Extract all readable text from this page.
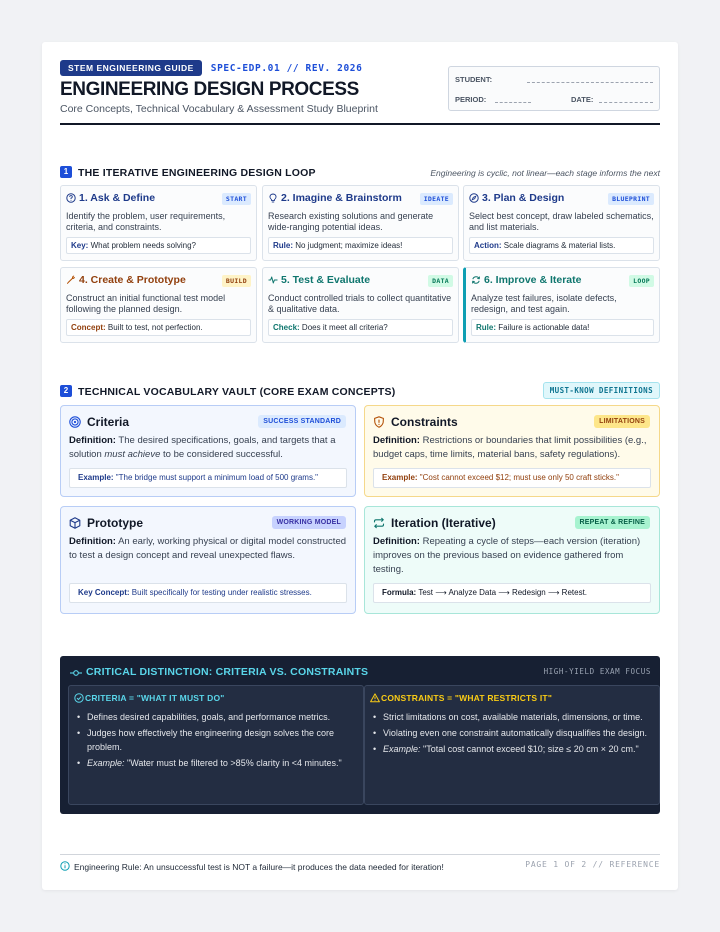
STEM ENGINEERING GUIDE	SPEC-EDP.01 // REV. 2026
ENGINEERING DESIGN PROCESS
Core Concepts, Technical Vocabulary & Assessment Study Blueprint
STUDENT:
PERIOD:	DATE:
1 THE ITERATIVE ENGINEERING DESIGN LOOP	Engineering is cyclic, not linear—each stage informs the next
1. Ask & Define	START
Identify the problem, user requirements, criteria, and constraints.
Key: What problem needs solving?
2. Imagine & Brainstorm	IDEATE
Research existing solutions and generate wide-ranging potential ideas.
Rule: No judgment; maximize ideas!
3. Plan & Design	BLUEPRINT
Select best concept, draw labeled schematics, and list materials.
Action: Scale diagrams & material lists.
4. Create & Prototype	BUILD
Construct an initial functional test model following the planned design.
Concept: Built to test, not perfection.
5. Test & Evaluate	DATA
Conduct controlled trials to collect quantitative & qualitative data.
Check: Does it meet all criteria?
6. Improve & Iterate	LOOP
Analyze test failures, isolate defects, redesign, and test again.
Rule: Failure is actionable data!
2 TECHNICAL VOCABULARY VAULT (CORE EXAM CONCEPTS)	MUST-KNOW DEFINITIONS
Criteria	SUCCESS STANDARD
Definition: The desired specifications, goals, and targets that a solution must achieve to be considered successful.
Example: "The bridge must support a minimum load of 500 grams."
Constraints	LIMITATIONS
Definition: Restrictions or boundaries that limit possibilities (e.g., budget caps, time limits, material bans, safety regulations).
Example: "Cost cannot exceed $12; must use only 50 craft sticks."
Prototype	WORKING MODEL
Definition: An early, working physical or digital model constructed to test a design concept and reveal unexpected flaws.
Key Concept: Built specifically for testing under realistic stresses.
Iteration (Iterative)	REPEAT & REFINE
Definition: Repeating a cycle of steps—each version (iteration) improves on the previous based on evidence gathered from testing.
Formula: Test ⟶ Analyze Data ⟶ Redesign ⟶ Retest.
CRITICAL DISTINCTION: CRITERIA VS. CONSTRAINTS	HIGH-YIELD EXAM FOCUS
CRITERIA = "WHAT IT MUST DO"
• Defines desired capabilities, goals, and performance metrics.
• Judges how effectively the engineering design solves the core problem.
• Example: "Water must be filtered to >85% clarity in <4 minutes."
CONSTRAINTS = "WHAT RESTRICTS IT"
• Strict limitations on cost, available materials, dimensions, or time.
• Violating even one constraint automatically disqualifies the design.
• Example: "Total cost cannot exceed $10; size ≤ 20 cm × 20 cm."
Engineering Rule: An unsuccessful test is NOT a failure—it produces the data needed for iteration!	PAGE 1 OF 2 // REFERENCE
